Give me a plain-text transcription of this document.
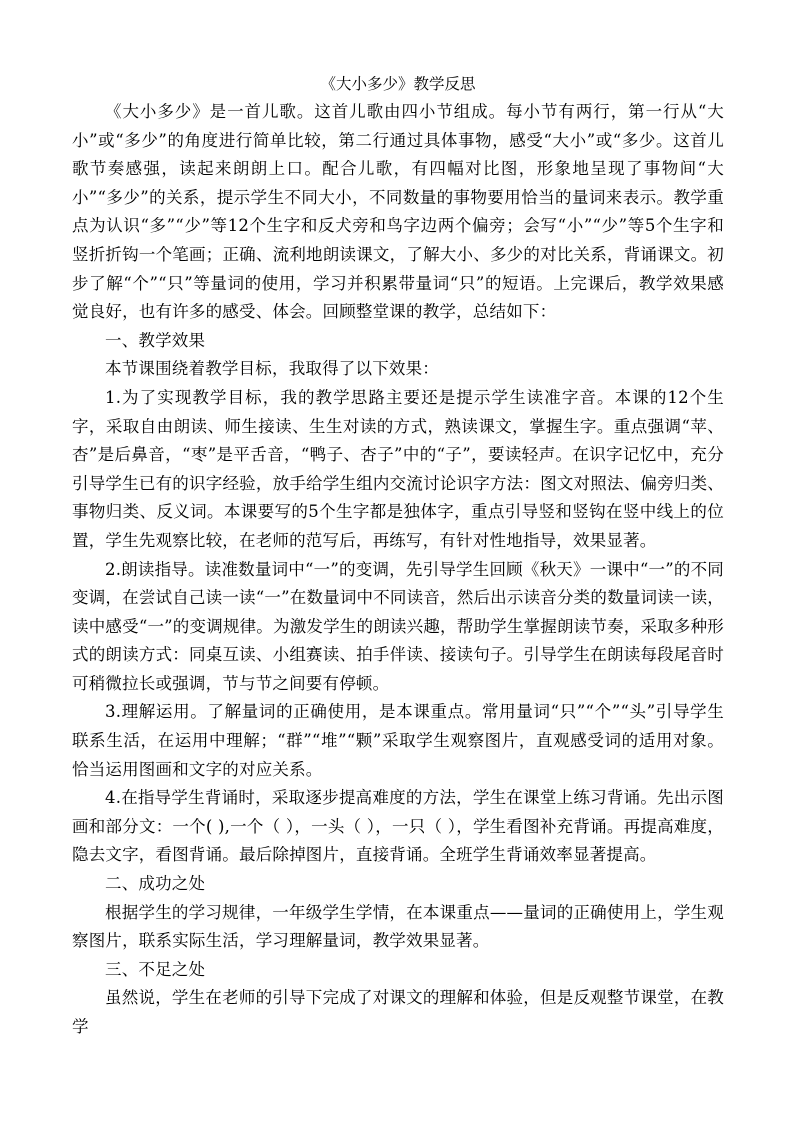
《大小多少》教学反思

《大小多少》是一首儿歌。这首儿歌由四小节组成。每小节有两行，第一行从“大小”或“多少”的角度进行简单比较，第二行通过具体事物，感受“大小”或“多少。这首儿歌节奏感强，读起来朗朗上口。配合儿歌，有四幅对比图，形象地呈现了事物间“大小”“多少”的关系，提示学生不同大小，不同数量的事物要用恰当的量词来表示。教学重点为认识“多”“少”等12个生字和反犬旁和鸟字边两个偏旁；会写“小”“少”等5个生字和竖折折钩一个笔画；正确、流利地朗读课文，了解大小、多少的对比关系，背诵课文。初步了解“个”“只”等量词的使用，学习并积累带量词“只”的短语。上完课后，教学效果感觉良好，也有许多的感受、体会。回顾整堂课的教学，总结如下：

一、教学效果

本节课围绕着教学目标，我取得了以下效果：

1.为了实现教学目标，我的教学思路主要还是提示学生读准字音。本课的12个生字，采取自由朗读、师生接读、生生对读的方式，熟读课文，掌握生字。重点强调“苹、杏”是后鼻音，“枣”是平舌音，“鸭子、杏子”中的“子”，要读轻声。在识字记忆中，充分引导学生已有的识字经验，放手给学生组内交流讨论识字方法：图文对照法、偏旁归类、事物归类、反义词。本课要写的5个生字都是独体字，重点引导竖和竖钩在竖中线上的位置，学生先观察比较，在老师的范写后，再练写，有针对性地指导，效果显著。

2.朗读指导。读准数量词中“一”的变调，先引导学生回顾《秋天》一课中“一”的不同变调，在尝试自己读一读“一”在数量词中不同读音，然后出示读音分类的数量词读一读，读中感受“一”的变调规律。为激发学生的朗读兴趣，帮助学生掌握朗读节奏，采取多种形式的朗读方式：同桌互读、小组赛读、拍手伴读、接读句子。引导学生在朗读每段尾音时可稍微拉长或强调，节与节之间要有停顿。

3.理解运用。了解量词的正确使用，是本课重点。常用量词“只”“个”“头”引导学生联系生活，在运用中理解；“群”“堆”“颗”采取学生观察图片，直观感受词的适用对象。恰当运用图画和文字的对应关系。

4.在指导学生背诵时，采取逐步提高难度的方法，学生在课堂上练习背诵。先出示图画和部分文：一个( ),一个（ ），一头（ ），一只（ ），学生看图补充背诵。再提高难度，隐去文字，看图背诵。最后除掉图片，直接背诵。全班学生背诵效率显著提高。

二、成功之处

根据学生的学习规律，一年级学生学情，在本课重点——量词的正确使用上，学生观察图片，联系实际生活，学习理解量词，教学效果显著。

三、不足之处

虽然说，学生在老师的引导下完成了对课文的理解和体验，但是反观整节课堂，在教学
